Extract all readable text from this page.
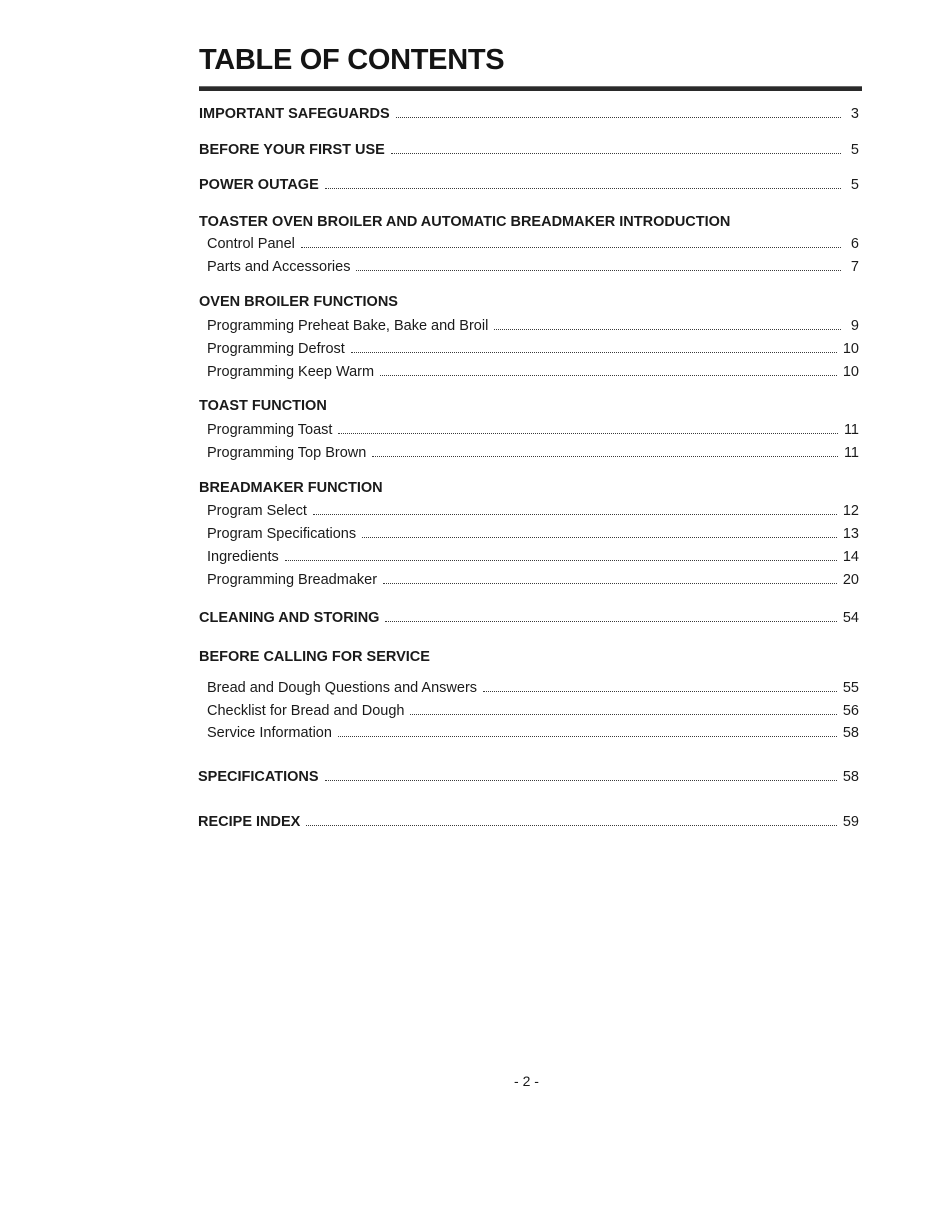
TABLE OF CONTENTS
IMPORTANT SAFEGUARDS	3
BEFORE YOUR FIRST USE	5
POWER OUTAGE	5
TOASTER OVEN BROILER AND AUTOMATIC BREADMAKER INTRODUCTION
Control Panel	6
Parts and Accessories	7
OVEN BROILER FUNCTIONS
Programming Preheat Bake, Bake and Broil	9
Programming Defrost	10
Programming Keep Warm	10
TOAST FUNCTION
Programming Toast	11
Programming Top Brown	11
BREADMAKER FUNCTION
Program Select	12
Program Specifications	13
Ingredients	14
Programming Breadmaker	20
CLEANING AND STORING	54
BEFORE CALLING FOR SERVICE
Bread and Dough Questions and Answers	55
Checklist for Bread and Dough	56
Service Information	58
SPECIFICATIONS	58
RECIPE INDEX	59
- 2 -
